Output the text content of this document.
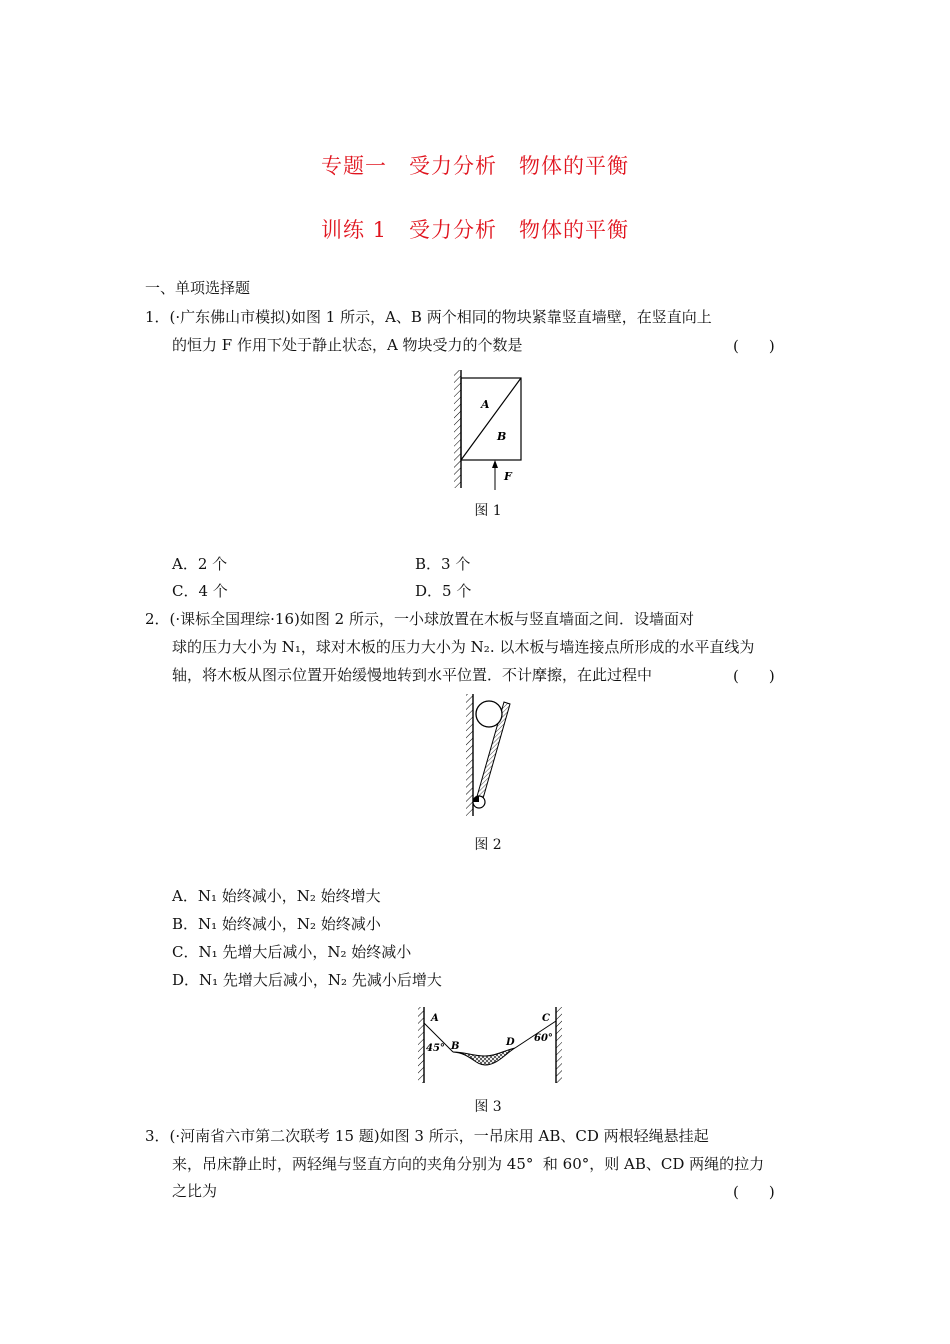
专题一　受力分析　物体的平衡
训练 1　受力分析　物体的平衡
一、单项选择题
1．(·广东佛山市模拟)如图 1 所示，A、B 两个相同的物块紧靠竖直墙壁，在竖直向上
的恒力 F 作用下处于静止状态，A 物块受力的个数是	(　　)
A
B
F
图 1
A．2 个	B．3 个
C．4 个	D．5 个
2．(·课标全国理综·16)如图 2 所示，一小球放置在木板与竖直墙面之间．设墙面对
球的压力大小为 N₁，球对木板的压力大小为 N₂. 以木板与墙连接点所形成的水平直线为
轴，将木板从图示位置开始缓慢地转到水平位置．不计摩擦，在此过程中	(　　)
图 2
A．N₁ 始终减小，N₂ 始终增大
B．N₁ 始终减小，N₂ 始终减小
C．N₁ 先增大后减小，N₂ 始终减小
D．N₁ 先增大后减小，N₂ 先减小后增大
A
B
C
D
45°
60°
图 3
3．(·河南省六市第二次联考 15 题)如图 3 所示，一吊床用 AB、CD 两根轻绳悬挂起
来，吊床静止时，两轻绳与竖直方向的夹角分别为 45°  和 60°，则 AB、CD 两绳的拉力
之比为	(　　)
